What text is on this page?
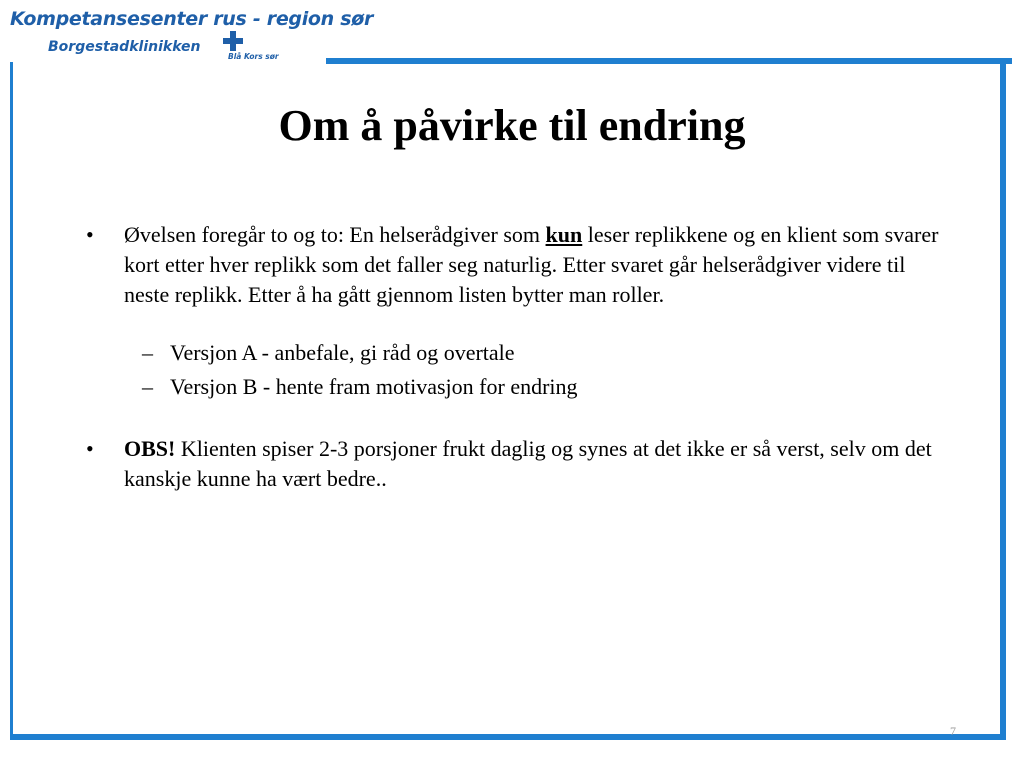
Kompetansesenter rus - region sør
Borgestadklinikken
Blå Kors sør
Om å påvirke til endring
• Øvelsen foregår to og to: En helserådgiver som kun leser replikkene og en klient som svarer kort etter hver replikk som det faller seg naturlig. Etter svaret går helserådgiver videre til neste replikk. Etter å ha gått gjennom listen bytter man roller.
– Versjon A - anbefale, gi råd og overtale
– Versjon B - hente fram motivasjon for endring
• OBS! Klienten spiser 2-3 porsjoner frukt daglig og synes at det ikke er så verst, selv om det kanskje kunne ha vært bedre..
7
